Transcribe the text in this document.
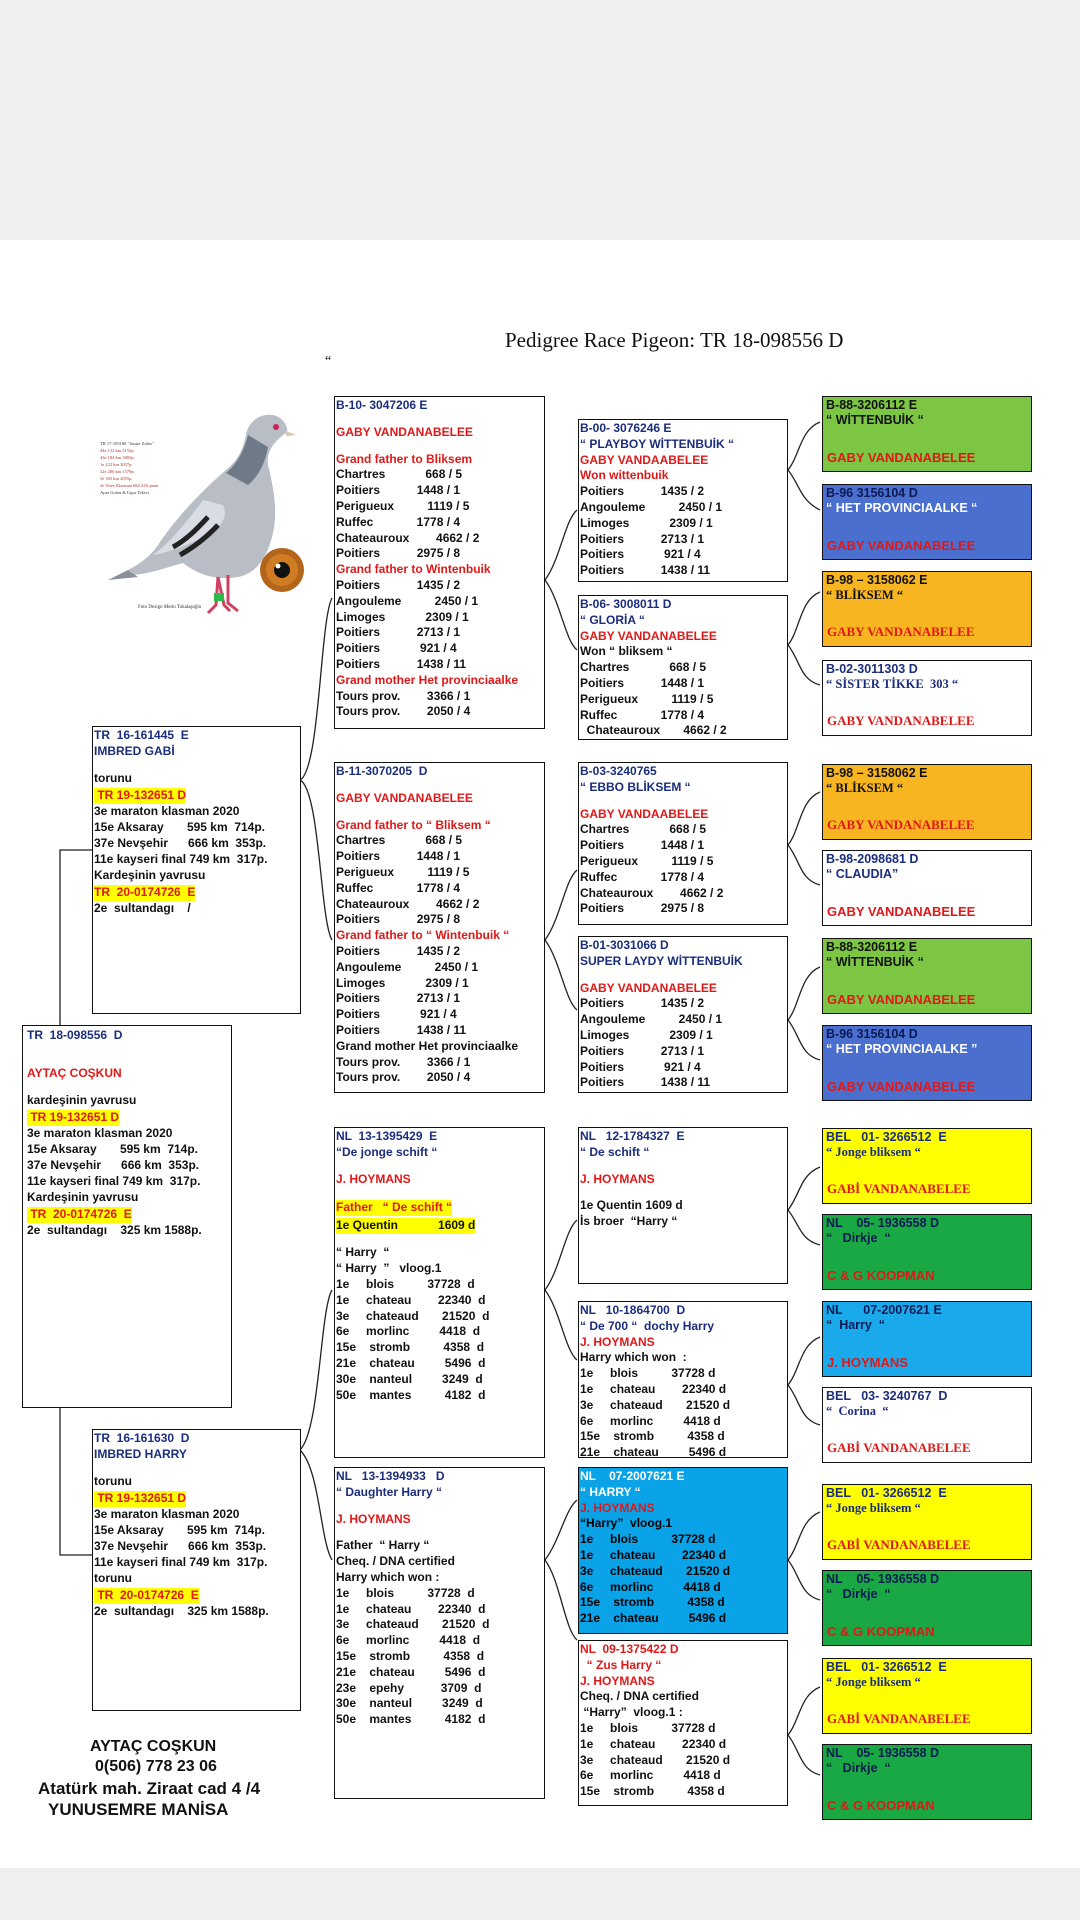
Pedigree Race Pigeon: TR 18-098556 D
“
TR 17-105188 "Junior Zulus"
44e 132 km 5152p.
43e 184 km 3002p.
1e 222 km 3037p.
32e 286 km 1579p.
5e 305 km 2055p.
2e Vitez Klasman 684 AOi puan
Ayaz Golen & Ugur Tekeci
Foto Design Metin Tokalaşoğlu
TR  18-098556  D
AYTAÇ COŞKUN
kardeşinin yavrusu
TR 19-132651 D
3e maraton klasman 2020
15e Aksaray       595 km  714p.
37e Nevşehir      666 km  353p.
11e kayseri final 749 km  317p.
Kardeşinin yavrusu
TR  20-0174726  E
2e  sultandagı    325 km 1588p.
TR  16-161445  E
IMBRED GABİ
torunu
TR 19-132651 D
3e maraton klasman 2020
15e Aksaray       595 km  714p.
37e Nevşehir      666 km  353p.
11e kayseri final 749 km  317p.
Kardeşinin yavrusu
TR  20-0174726  E
2e  sultandagı    /
TR  16-161630  D
IMBRED HARRY
torunu
TR 19-132651 D
3e maraton klasman 2020
15e Aksaray       595 km  714p.
37e Nevşehir      666 km  353p.
11e kayseri final 749 km  317p.
torunu
TR  20-0174726  E
2e  sultandagı    325 km 1588p.
B-10- 3047206 E
GABY VANDANABELEE
Grand father to Bliksem
Chartres            668 / 5
Poitiers           1448 / 1
Perigueux          1119 / 5
Ruffec             1778 / 4
Chateauroux        4662 / 2
Poitiers           2975 / 8
Grand father to Wintenbuik
Poitiers           1435 / 2
Angouleme          2450 / 1
Limoges            2309 / 1
Poitiers           2713 / 1
Poitiers            921 / 4
Poitiers           1438 / 11
Grand mother Het provinciaalke
Tours prov.        3366 / 1
Tours prov.        2050 / 4
B-11-3070205  D
GABY VANDANABELEE
Grand father to “ Bliksem “
Chartres            668 / 5
Poitiers           1448 / 1
Perigueux          1119 / 5
Ruffec             1778 / 4
Chateauroux        4662 / 2
Poitiers           2975 / 8
Grand father to “ Wintenbuik “
Poitiers           1435 / 2
Angouleme          2450 / 1
Limoges            2309 / 1
Poitiers           2713 / 1
Poitiers            921 / 4
Poitiers           1438 / 11
Grand mother Het provinciaalke
Tours prov.        3366 / 1
Tours prov.        2050 / 4
NL  13-1395429  E
“De jonge schift “
J. HOYMANS
Father   “ De schift “1e Quentin            1609 d
“ Harry  “
“ Harry  ”   vloog.1
1e     blois          37728  d
1e     chateau        22340  d
3e     chateaud       21520  d
6e     morlinc         4418  d
15e    stromb          4358  d
21e    chateau         5496  d
30e    nanteul         3249  d
50e    mantes          4182  d
NL   13-1394933   D
“ Daughter Harry “
J. HOYMANS
Father  “ Harry “
Cheq. / DNA certified
Harry which won :
1e     blois          37728  d
1e     chateau        22340  d
3e     chateaud       21520  d
6e     morlinc         4418  d
15e    stromb          4358  d
21e    chateau         5496  d
23e    epehy           3709  d
30e    nanteul         3249  d
50e    mantes          4182  d
B-00- 3076246 E
“ PLAYBOY WİTTENBUİK “
GABY VANDAABELEE
Won wittenbuik
Poitiers           1435 / 2
Angouleme          2450 / 1
Limoges            2309 / 1
Poitiers           2713 / 1
Poitiers            921 / 4
Poitiers           1438 / 11
B-06- 3008011 D
“ GLORİA “
GABY VANDANABELEE
Won “ bliksem “
Chartres            668 / 5
Poitiers           1448 / 1
Perigueux          1119 / 5
Ruffec             1778 / 4
Chateauroux       4662 / 2
B-03-3240765
“ EBBO BLİKSEM “
GABY VANDAABELEE
Chartres            668 / 5
Poitiers           1448 / 1
Perigueux          1119 / 5
Ruffec             1778 / 4
Chateauroux        4662 / 2
Poitiers           2975 / 8
B-01-3031066 D
SUPER LAYDY WİTTENBUİK
GABY VANDANABELEE
Poitiers           1435 / 2
Angouleme          2450 / 1
Limoges            2309 / 1
Poitiers           2713 / 1
Poitiers            921 / 4
Poitiers           1438 / 11
NL   12-1784327  E
“ De schift “
J. HOYMANS
1e Quentin 1609 d
İs broer  “Harry “
NL   10-1864700  D
“ De 700 “  dochy Harry
J. HOYMANS
Harry which won  :
1e     blois          37728 d
1e     chateau        22340 d
3e     chateaud       21520 d
6e     morlinc         4418 d
15e    stromb          4358 d
21e    chateau         5496 d
NL    07-2007621 E
“ HARRY “
J. HOYMANS
“Harry”  vloog.1
1e     blois          37728 d
1e     chateau        22340 d
3e     chateaud       21520 d
6e     morlinc         4418 d
15e    stromb          4358 d
21e    chateau         5496 d
NL  09-1375422 D
“ Zus Harry “
J. HOYMANS
Cheq. / DNA certified
“Harry”  vloog.1 :
1e     blois          37728 d
1e     chateau        22340 d
3e     chateaud       21520 d
6e     morlinc         4418 d
15e    stromb          4358 d
B-88-3206112 E
“ WİTTENBUİK “
GABY VANDANABELEE
B-96 3156104 D
“ HET PROVINCIAALKE “
GABY VANDANABELEE
B-98 – 3158062 E
“ BLİKSEM “
GABY VANDANABELEE
B-02-3011303 D
“ SİSTER TİKKE  303 “
GABY VANDANABELEE
B-98 – 3158062 E
“ BLİKSEM “
GABY VANDANABELEE
B-98-2098681 D
“ CLAUDIA”
GABY VANDANABELEE
B-88-3206112 E
“ WİTTENBUİK “
GABY VANDANABELEE
B-96 3156104 D
“ HET PROVINCIAALKE ”
GABY VANDANABELEE
BEL   01- 3266512  E
“ Jonge bliksem “
GABİ VANDANABELEE
NL    05- 1936558 D
“   Dirkje  “
C & G KOOPMAN
NL      07-2007621 E
“  Harry  “
J. HOYMANS
BEL   03- 3240767  D
“  Corina  “
GABİ VANDANABELEE
BEL   01- 3266512  E
“ Jonge bliksem “
GABİ VANDANABELEE
NL    05- 1936558 D
“   Dirkje  “
C & G KOOPMAN
BEL   01- 3266512  E
“ Jonge bliksem “
GABİ VANDANABELEE
NL    05- 1936558 D
“   Dirkje  “
C & G KOOPMAN
AYTAÇ COŞKUN
0(506) 778 23 06
Atatürk mah. Ziraat cad 4 /4
YUNUSEMRE MANİSA
